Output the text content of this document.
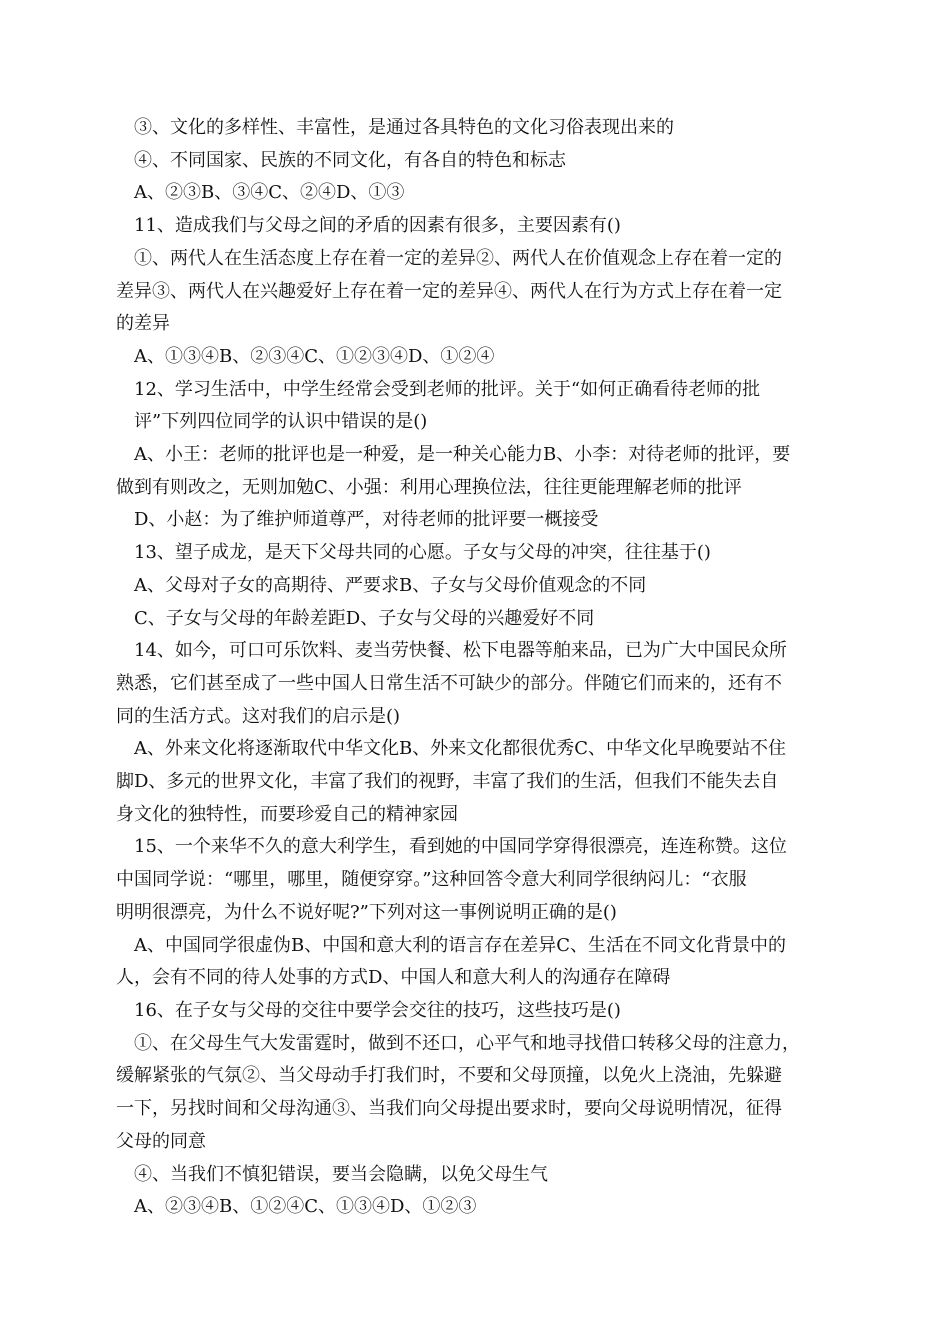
③、文化的多样性、丰富性，是通过各具特色的文化习俗表现出来的
④、不同国家、民族的不同文化，有各自的特色和标志
A、②③B、③④C、②④D、①③
11、造成我们与父母之间的矛盾的因素有很多，主要因素有()
①、两代人在生活态度上存在着一定的差异②、两代人在价值观念上存在着一定的
差异③、两代人在兴趣爱好上存在着一定的差异④、两代人在行为方式上存在着一定
的差异
A、①③④B、②③④C、①②③④D、①②④
12、学习生活中，中学生经常会受到老师的批评。关于“如何正确看待老师的批
评”下列四位同学的认识中错误的是()
A、小王：老师的批评也是一种爱，是一种关心能力B、小李：对待老师的批评，要
做到有则改之，无则加勉C、小强：利用心理换位法，往往更能理解老师的批评
D、小赵：为了维护师道尊严，对待老师的批评要一概接受
13、望子成龙，是天下父母共同的心愿。子女与父母的冲突，往往基于()
A、父母对子女的高期待、严要求B、子女与父母价值观念的不同
C、子女与父母的年龄差距D、子女与父母的兴趣爱好不同
14、如今，可口可乐饮料、麦当劳快餐、松下电器等舶来品，已为广大中国民众所
熟悉，它们甚至成了一些中国人日常生活不可缺少的部分。伴随它们而来的，还有不
同的生活方式。这对我们的启示是()
A、外来文化将逐渐取代中华文化B、外来文化都很优秀C、中华文化早晚要站不住
脚D、多元的世界文化，丰富了我们的视野，丰富了我们的生活，但我们不能失去自
身文化的独特性，而要珍爱自己的精神家园
15、一个来华不久的意大利学生，看到她的中国同学穿得很漂亮，连连称赞。这位
中国同学说：“哪里，哪里，随便穿穿。”这种回答令意大利同学很纳闷儿：“衣服
明明很漂亮，为什么不说好呢?”下列对这一事例说明正确的是()
A、中国同学很虚伪B、中国和意大利的语言存在差异C、生活在不同文化背景中的
人，会有不同的待人处事的方式D、中国人和意大利人的沟通存在障碍
16、在子女与父母的交往中要学会交往的技巧，这些技巧是()
①、在父母生气大发雷霆时，做到不还口，心平气和地寻找借口转移父母的注意力，
缓解紧张的气氛②、当父母动手打我们时，不要和父母顶撞，以免火上浇油，先躲避
一下，另找时间和父母沟通③、当我们向父母提出要求时，要向父母说明情况，征得
父母的同意
④、当我们不慎犯错误，要当会隐瞒，以免父母生气
A、②③④B、①②④C、①③④D、①②③
